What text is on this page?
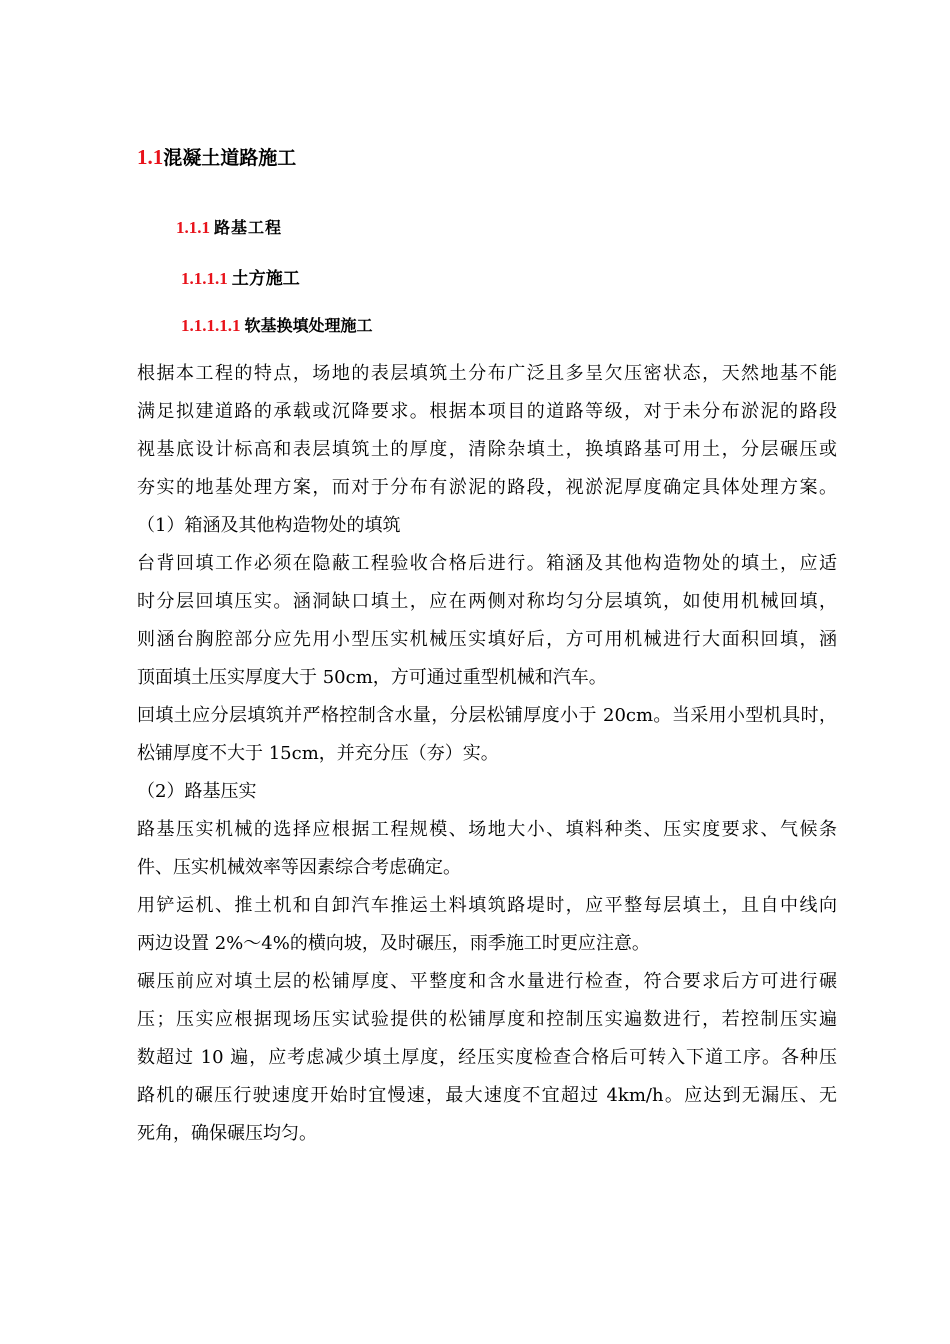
1.1混凝土道路施工
1.1.1 路基工程
1.1.1.1 土方施工
1.1.1.1.1 软基换填处理施工
根据本工程的特点，场地的表层填筑土分布广泛且多呈欠压密状态，天然地基不能
满足拟建道路的承载或沉降要求。根据本项目的道路等级，对于未分布淤泥的路段
视基底设计标高和表层填筑土的厚度，清除杂填土，换填路基可用土，分层碾压或
夯实的地基处理方案，而对于分布有淤泥的路段，视淤泥厚度确定具体处理方案。
（1）箱涵及其他构造物处的填筑
台背回填工作必须在隐蔽工程验收合格后进行。箱涵及其他构造物处的填土，应适
时分层回填压实。涵洞缺口填土，应在两侧对称均匀分层填筑，如使用机械回填，
则涵台胸腔部分应先用小型压实机械压实填好后，方可用机械进行大面积回填，涵
顶面填土压实厚度大于 50cm，方可通过重型机械和汽车。
回填土应分层填筑并严格控制含水量，分层松铺厚度小于 20cm。当采用小型机具时，
松铺厚度不大于 15cm，并充分压（夯）实。
（2）路基压实
路基压实机械的选择应根据工程规模、场地大小、填料种类、压实度要求、气候条
件、压实机械效率等因素综合考虑确定。
用铲运机、推土机和自卸汽车推运土料填筑路堤时，应平整每层填土，且自中线向
两边设置 2%～4%的横向坡，及时碾压，雨季施工时更应注意。
碾压前应对填土层的松铺厚度、平整度和含水量进行检查，符合要求后方可进行碾
压；压实应根据现场压实试验提供的松铺厚度和控制压实遍数进行，若控制压实遍
数超过 10 遍，应考虑减少填土厚度，经压实度检查合格后可转入下道工序。各种压
路机的碾压行驶速度开始时宜慢速，最大速度不宜超过 4km/h。应达到无漏压、无
死角，确保碾压均匀。
